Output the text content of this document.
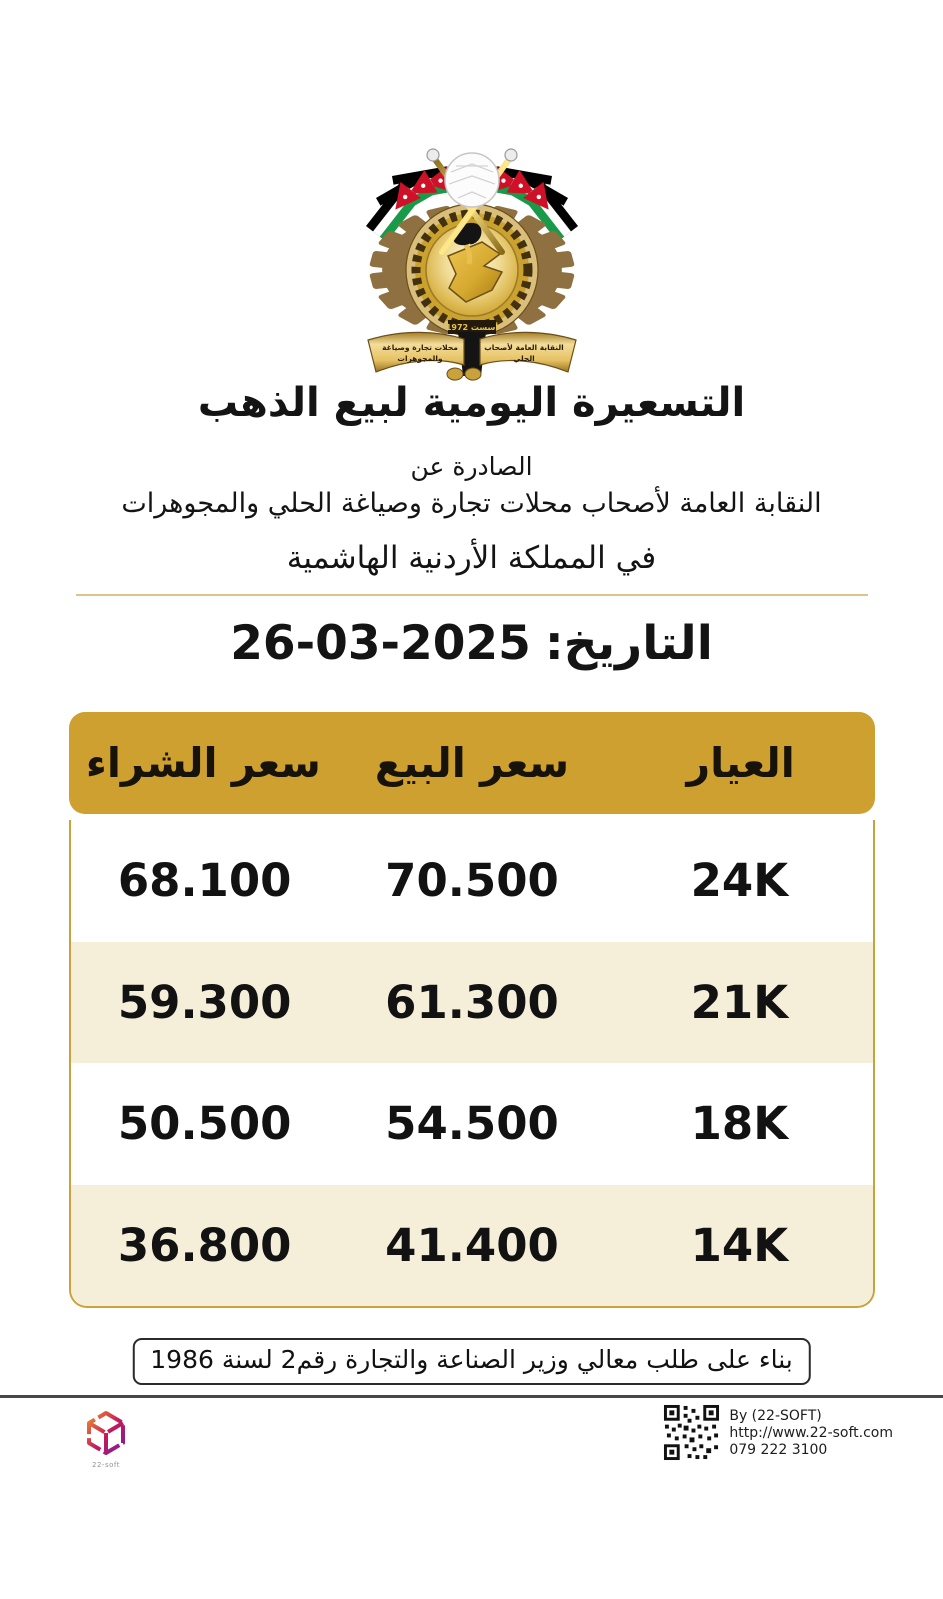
أسست 1972
محلات تجارة وصياغة
والمجوهرات
النقابة العامة لأصحاب
الحلي
التسعيرة اليومية لبيع الذهب
الصادرة عن
النقابة العامة لأصحاب محلات تجارة وصياغة الحلي والمجوهرات
في المملكة الأردنية الهاشمية
التاريخ:
26-03-2025
العيار
سعر البيع
سعر الشراء
24K
70.500
68.100
21K
61.300
59.300
18K
54.500
50.500
14K
41.400
36.800
بناء على طلب معالي وزير الصناعة والتجارة رقم2 لسنة 1986
22-soft
By (22-SOFT)
http://www.22-soft.com
079 222 3100
